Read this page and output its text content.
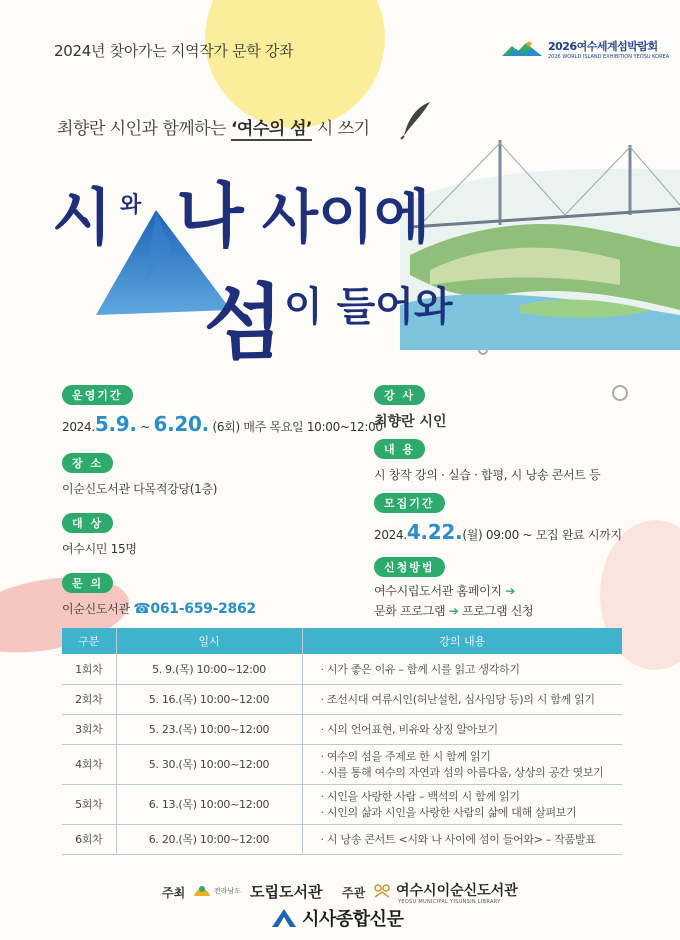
2024년 찾아가는 지역작가 문학 강좌	2026여수세계섬박람회
2026 WORLD ISLAND EXHIBITION YEOSU KOREA
최향란 시인과 함께하는 ‘여수의 섬’ 시 쓰기
시 와 나 사이에
섬 이 들어와
운영기간
2024.5.9. ~ 6.20. (6회) 매주 목요일 10:00~12:00
장 소
이순신도서관 다목적강당(1층)
대 상
여수시민 15명
문 의
이순신도서관 ☎061-659-2862
강 사
최향란 시인
내 용
시 창작 강의 · 실습 · 합평, 시 낭송 콘서트 등
모집기간
2024.4.22.(월) 09:00 ~ 모집 완료 시까지
신청방법
여수시립도서관 홈페이지 ➔
문화 프로그램 ➔ 프로그램 신청
구분	일시	강의 내용
1회차	5. 9.(목) 10:00~12:00	· 시가 좋은 이유 – 함께 시를 읽고 생각하기

2회차	5. 16.(목) 10:00~12:00	· 조선시대 여류시인(허난설헌, 심사임당 등)의 시 함께 읽기

3회차	5. 23.(목) 10:00~12:00	· 시의 언어표현, 비유와 상징 알아보기

4회차	5. 30.(목) 10:00~12:00	· 여수의 섬을 주제로 한 시 함께 읽기
· 시를 통해 여수의 자연과 섬의 아름다움, 상상의 공간 엿보기

5회차	6. 13.(목) 10:00~12:00	· 시인을 사랑한 사람 – 백석의 시 함께 읽기
· 시인의 삶과 시인을 사랑한 사람의 삶에 대해 살펴보기

6회차	6. 20.(목) 10:00~12:00	· 시 낭송 콘서트 <시와 나 사이에 섬이 들어와> – 작품발표
주최	전라남도 도립도서관 주관 여수시이순신도서관
YEOSU MUNICIPAL YISUNSIN LIBRARY
시사종합신문
